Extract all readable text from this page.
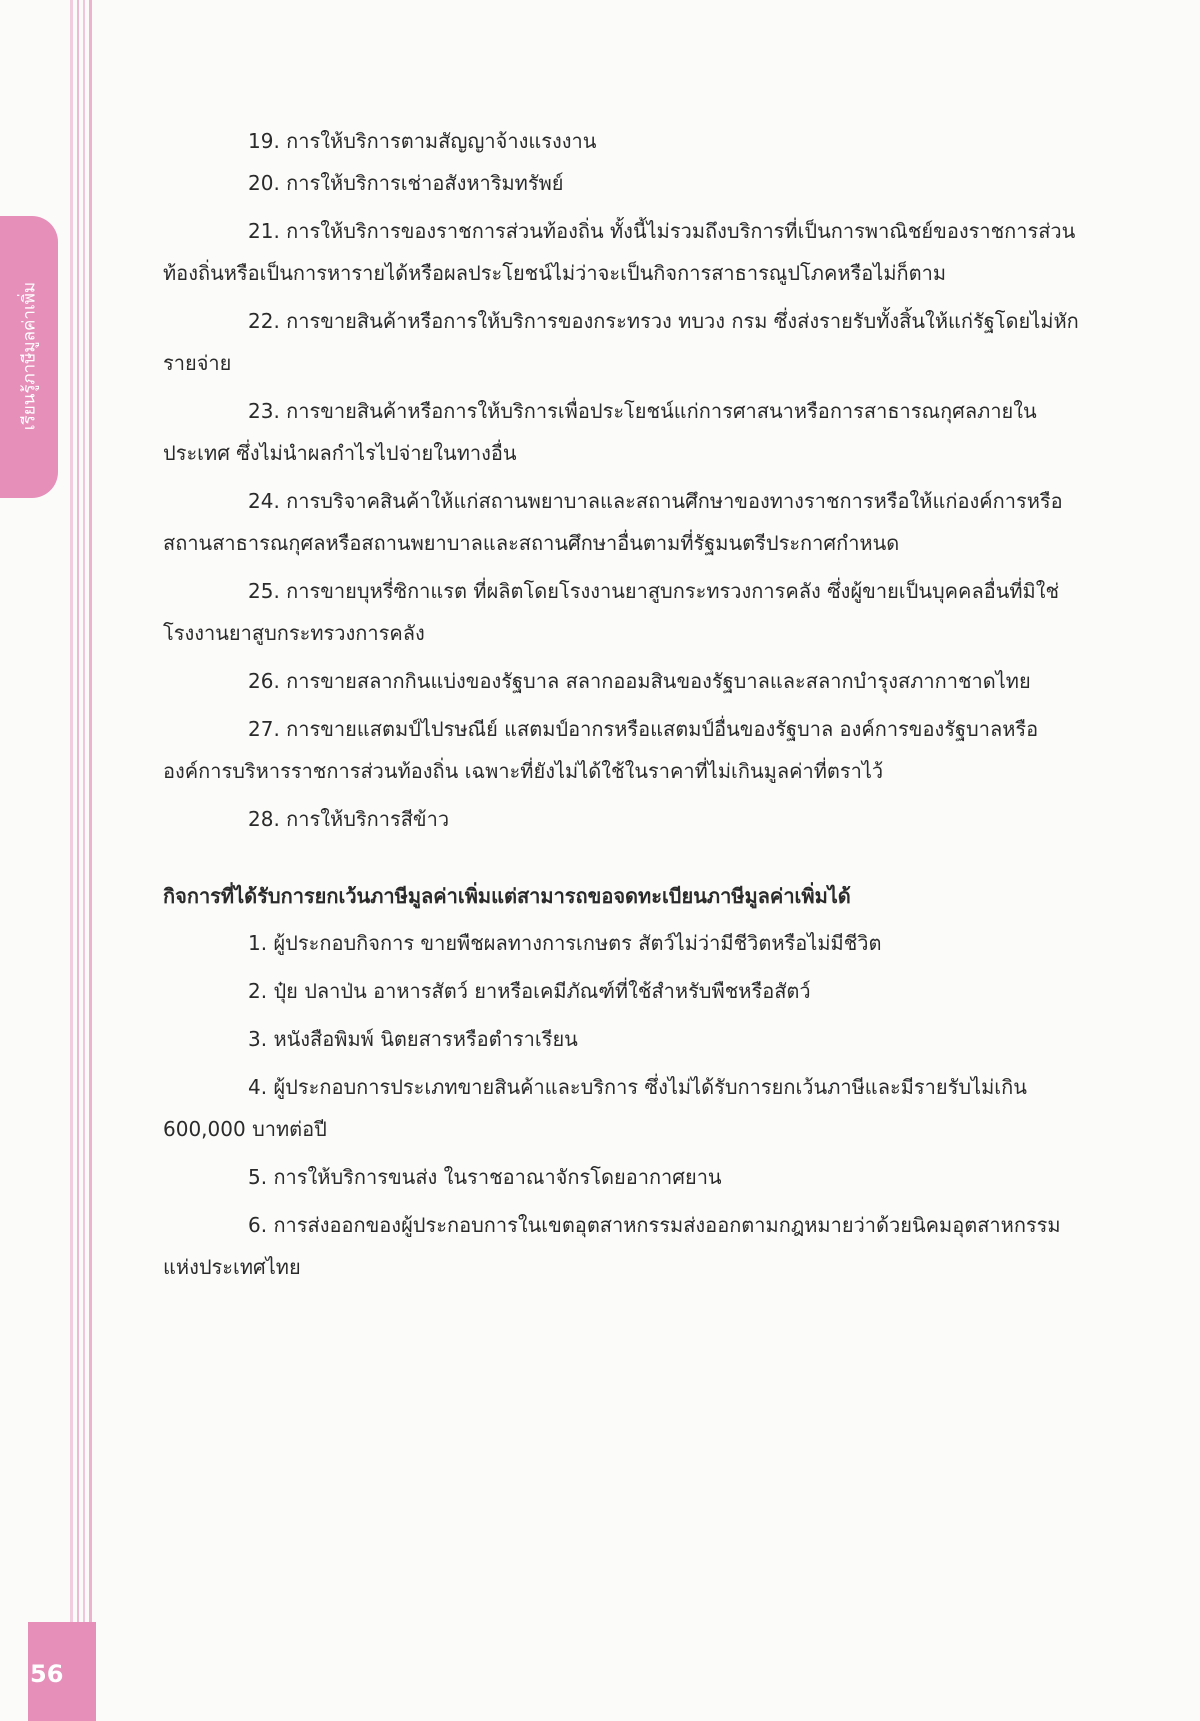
เรียนรู้ภาษีมูลค่าเพิ่ม
56

19. การให้บริการตามสัญญาจ้างแรงงาน

20. การให้บริการเช่าอสังหาริมทรัพย์

21. การให้บริการของราชการส่วนท้องถิ่น ทั้งนี้ไม่รวมถึงบริการที่เป็นการพาณิชย์ของราชการส่วนท้องถิ่นหรือเป็นการหารายได้หรือผลประโยชน์ไม่ว่าจะเป็นกิจการสาธารณูปโภคหรือไม่ก็ตาม

22. การขายสินค้าหรือการให้บริการของกระทรวง ทบวง กรม ซึ่งส่งรายรับทั้งสิ้นให้แก่รัฐโดยไม่หักรายจ่าย

23. การขายสินค้าหรือการให้บริการเพื่อประโยชน์แก่การศาสนาหรือการสาธารณกุศลภายในประเทศ ซึ่งไม่นำผลกำไรไปจ่ายในทางอื่น

24. การบริจาคสินค้าให้แก่สถานพยาบาลและสถานศึกษาของทางราชการหรือให้แก่องค์การหรือสถานสาธารณกุศลหรือสถานพยาบาลและสถานศึกษาอื่นตามที่รัฐมนตรีประกาศกำหนด

25. การขายบุหรี่ซิกาแรต ที่ผลิตโดยโรงงานยาสูบกระทรวงการคลัง ซึ่งผู้ขายเป็นบุคคลอื่นที่มิใช่โรงงานยาสูบกระทรวงการคลัง

26. การขายสลากกินแบ่งของรัฐบาล สลากออมสินของรัฐบาลและสลากบำรุงสภากาชาดไทย

27. การขายแสตมป์ไปรษณีย์ แสตมป์อากรหรือแสตมป์อื่นของรัฐบาล องค์การของรัฐบาลหรือองค์การบริหารราชการส่วนท้องถิ่น เฉพาะที่ยังไม่ได้ใช้ในราคาที่ไม่เกินมูลค่าที่ตราไว้

28. การให้บริการสีข้าว

กิจการที่ได้รับการยกเว้นภาษีมูลค่าเพิ่มแต่สามารถขอจดทะเบียนภาษีมูลค่าเพิ่มได้

1. ผู้ประกอบกิจการ ขายพืชผลทางการเกษตร สัตว์ไม่ว่ามีชีวิตหรือไม่มีชีวิต

2. ปุ๋ย ปลาป่น อาหารสัตว์ ยาหรือเคมีภัณฑ์ที่ใช้สำหรับพืชหรือสัตว์

3. หนังสือพิมพ์ นิตยสารหรือตำราเรียน

4. ผู้ประกอบการประเภทขายสินค้าและบริการ ซึ่งไม่ได้รับการยกเว้นภาษีและมีรายรับไม่เกิน 600,000 บาทต่อปี

5. การให้บริการขนส่ง ในราชอาณาจักรโดยอากาศยาน

6. การส่งออกของผู้ประกอบการในเขตอุตสาหกรรมส่งออกตามกฎหมายว่าด้วยนิคมอุตสาหกรรมแห่งประเทศไทย
